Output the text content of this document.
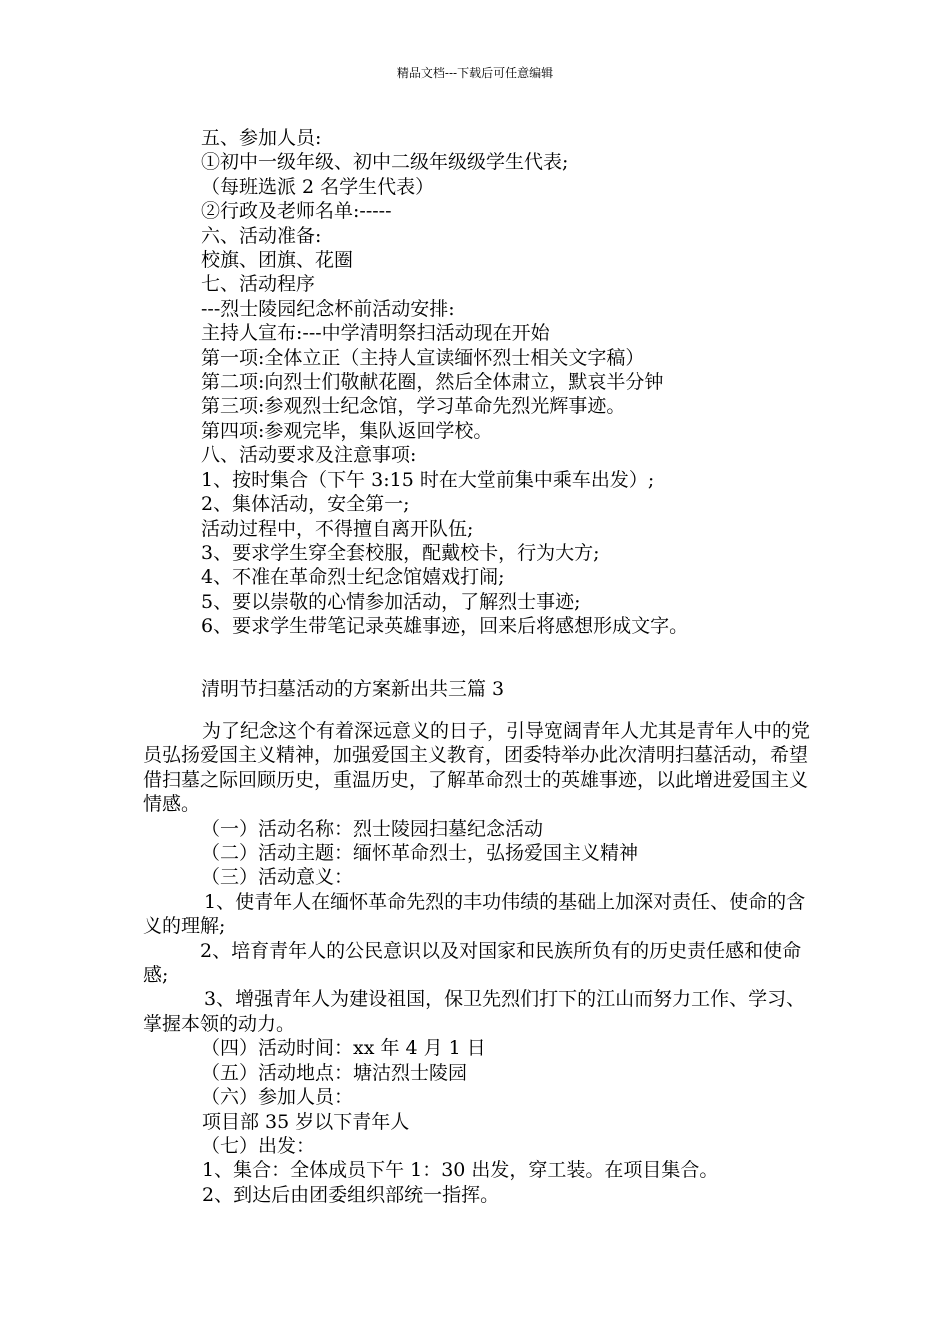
精品文档---下载后可任意编辑
五、参加人员:
①初中一级年级、初中二级年级级学生代表;
（每班选派 2 名学生代表）
②行政及老师名单:-----
六、活动准备:
校旗、团旗、花圈
七、活动程序
---烈士陵园纪念杯前活动安排:
主持人宣布:---中学清明祭扫活动现在开始
第一项:全体立正（主持人宣读缅怀烈士相关文字稿）
第二项:向烈士们敬献花圈，然后全体肃立，默哀半分钟
第三项:参观烈士纪念馆，学习革命先烈光辉事迹。
第四项:参观完毕，集队返回学校。
八、活动要求及注意事项:
1、按时集合（下午 3:15 时在大堂前集中乘车出发）;
2、集体活动，安全第一;
活动过程中，不得擅自离开队伍;
3、要求学生穿全套校服，配戴校卡，行为大方;
4、不准在革命烈士纪念馆嬉戏打闹;
5、要以崇敬的心情参加活动，了解烈士事迹;
6、要求学生带笔记录英雄事迹，回来后将感想形成文字。
清明节扫墓活动的方案新出共三篇 3
为了纪念这个有着深远意义的日子，引导宽阔青年人尤其是青年人中的党员弘扬爱国主义精神，加强爱国主义教育，团委特举办此次清明扫墓活动，希望借扫墓之际回顾历史，重温历史，了解革命烈士的英雄事迹，以此增进爱国主义情感。
（一）活动名称：烈士陵园扫墓纪念活动
（二）活动主题：缅怀革命烈士，弘扬爱国主义精神
（三）活动意义：
1、使青年人在缅怀革命先烈的丰功伟绩的基础上加深对责任、使命的含义的理解;
2、培育青年人的公民意识以及对国家和民族所负有的历史责任感和使命感;
3、增强青年人为建设祖国，保卫先烈们打下的江山而努力工作、学习、掌握本领的动力。
（四）活动时间：xx 年 4 月 1 日
（五）活动地点：塘沽烈士陵园
（六）参加人员：
项目部 35 岁以下青年人
（七）出发：
1、集合：全体成员下午 1：30 出发，穿工装。在项目集合。
2、到达后由团委组织部统一指挥。
